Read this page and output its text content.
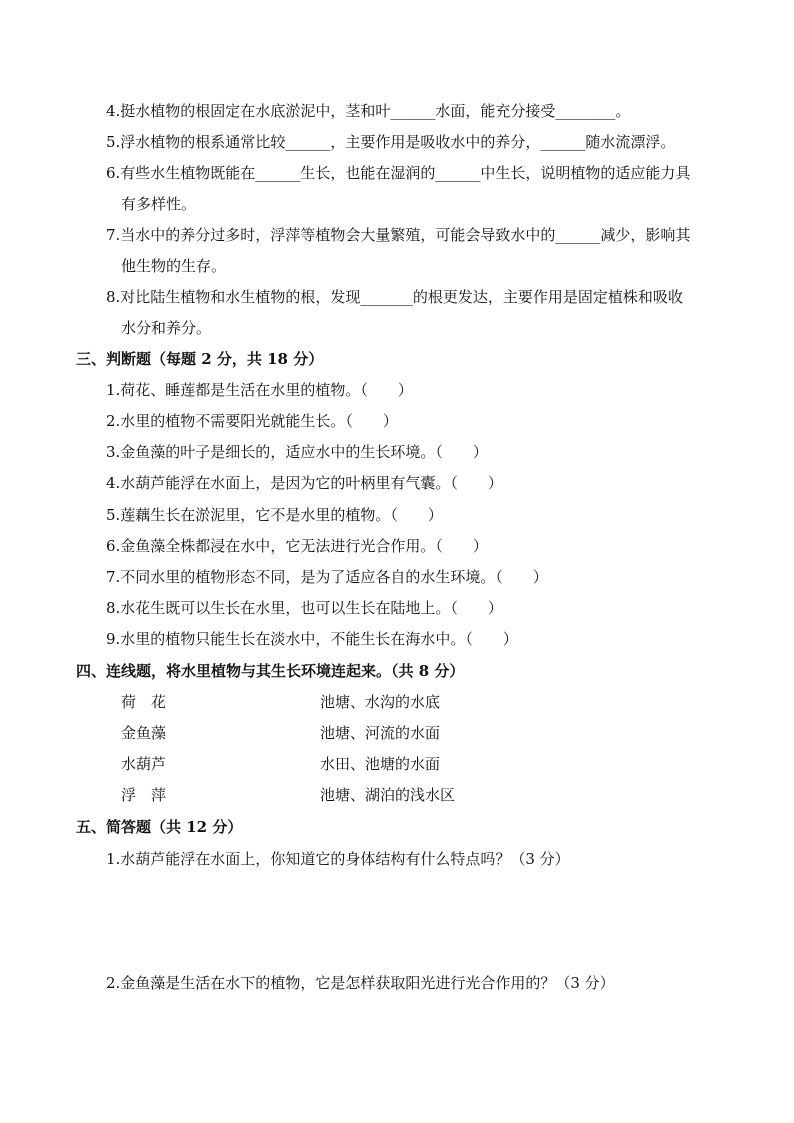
4.挺水植物的根固定在水底淤泥中，茎和叶______水面，能充分接受________。
5.浮水植物的根系通常比较______，主要作用是吸收水中的养分，______随水流漂浮。
6.有些水生植物既能在______生长，也能在湿润的______中生长，说明植物的适应能力具
有多样性。
7.当水中的养分过多时，浮萍等植物会大量繁殖，可能会导致水中的______减少，影响其
他生物的生存。
8.对比陆生植物和水生植物的根，发现_______的根更发达，主要作用是固定植株和吸收
水分和养分。
三、判断题（每题 2 分，共 18 分）
1.荷花、睡莲都是生活在水里的植物。（　　）
2.水里的植物不需要阳光就能生长。（　　）
3.金鱼藻的叶子是细长的，适应水中的生长环境。（　　）
4.水葫芦能浮在水面上，是因为它的叶柄里有气囊。（　　）
5.莲藕生长在淤泥里，它不是水里的植物。（　　）
6.金鱼藻全株都浸在水中，它无法进行光合作用。（　　）
7.不同水里的植物形态不同，是为了适应各自的水生环境。（　　）
8.水花生既可以生长在水里，也可以生长在陆地上。（　　）
9.水里的植物只能生长在淡水中，不能生长在海水中。（　　）
四、连线题，将水里植物与其生长环境连起来。（共 8 分）
荷　花	池塘、水沟的水底
金鱼藻	池塘、河流的水面
水葫芦	水田、池塘的水面
浮　萍	池塘、湖泊的浅水区
五、简答题（共 12 分）
1.水葫芦能浮在水面上，你知道它的身体结构有什么特点吗？（3 分）
2.金鱼藻是生活在水下的植物，它是怎样获取阳光进行光合作用的？（3 分）
